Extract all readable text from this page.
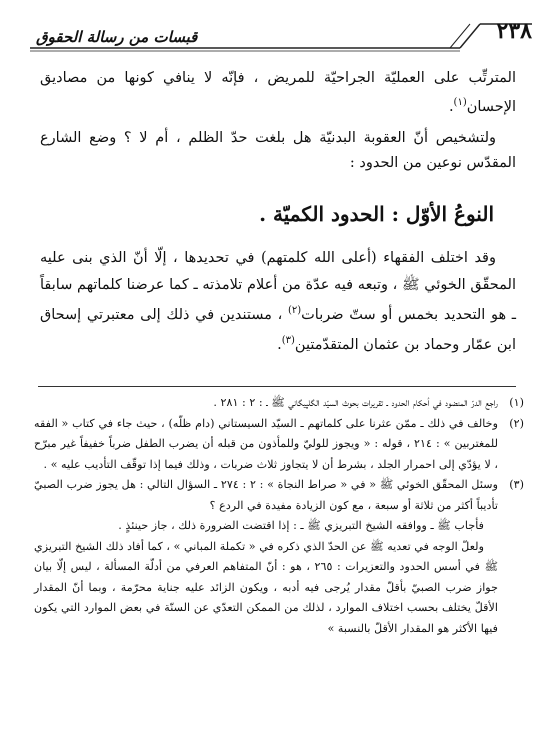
٢٣٨
قبسات من رسالة الحقوق
المترتِّب على العمليّة الجراحيّة للمريض ، فإنّه لا ينافي كونها من مصاديق الإحسان$^{(١)}$.
ولتشخيص أنّ العقوبة البدنيّة هل بلغت حدّ الظلم ، أم لا ؟ وضع الشارع المقدّس نوعين من الحدود :
النوعُ الأوّل : الحدود الكميّة .
وقد اختلف الفقهاء (أعلى الله كلمتهم) في تحديدها ، إلّا أنّ الذي بنى عليه المحقّق الخوئي ﷺ ، وتبعه فيه عدّة من أعلام تلامذته ـ كما عرضنا كلماتهم سابقاً ـ هو التحديد بخمس أو ستّ ضربات$^{(٢)}$ ، مستندين في ذلك إلى معتبرتي إسحاق ابن عمّار وحماد بن عثمان المتقدّمتين$^{(٣)}$.

(١)
راجع الدرّ المنضود في أحكام الحدود ـ تقريرات بحوث السيّد الگلپيگاني ﷺ ـ : ٢ : ٢٨١ .

(٢)
وخالف في ذلك ـ ممّن عثرنا على كلماتهم ـ السيّد السيستاني (دام ظلّه) ، حيث جاء في كتاب « الفقه للمغتربين » : ٢١٤ ، قوله : « ويجوز للوليّ وللمأذون من قبله أن يضرب الطفل ضرباً خفيفاً غير مبرّح ، لا يؤدّي إلى احمرار الجلد ، بشرط أن لا يتجاوز ثلاث ضربات ، وذلك فيما إذا توقّف التأديب عليه » .

(٣)
وسئل المحقّق الخوئي ﷺ « في « صراط النجاة » : ٢ : ٢٧٤ ـ السؤال التالي : هل يجوز ضرب الصبيّ تأديباً أكثر من ثلاثة أو سبعة ، مع كون الزيادة مفيدة في الردع ؟

فأجاب ﷺ ـ ووافقه الشيخ التبريزي ﷺ ـ : إذا اقتضت الضرورة ذلك ، جاز حينئذٍ .

ولعلّ الوجه في تعديه ﷺ عن الحدّ الذي ذكره في « تكملة المباني » ، كما أفاد ذلك الشيخ التبريزي ﷺ في أسس الحدود والتعزيرات : ٢٦٥ ، هو : أنّ المتفاهم العرفي من أدلّة المسألة ، ليس إلّا بيان جواز ضرب الصبيّ بأقلّ مقدار يُرجى فيه أدبه ، ويكون الزائد عليه جناية محرّمة ، وبما أنّ المقدار الأقلّ يختلف بحسب اختلاف الموارد ، لذلك من الممكن التعدّي عن السنّة في بعض الموارد التي يكون فيها الأكثر هو المقدار الأقلّ بالنسبة »
